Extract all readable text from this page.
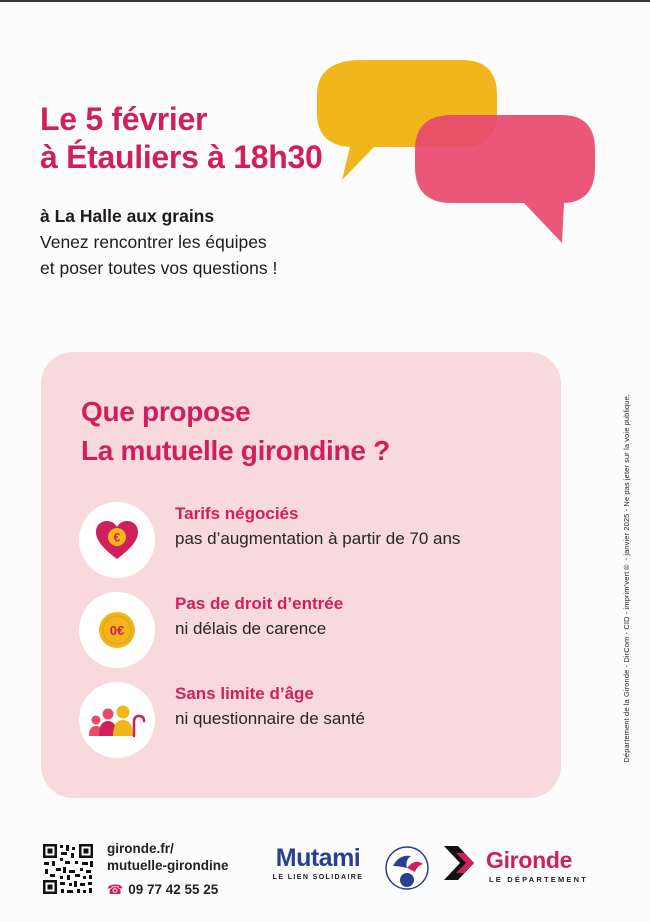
Le 5 février
à Étauliers à 18h30
à La Halle aux grains
Venez rencontrer les équipes
et poser toutes vos questions !
Que propose
La mutuelle girondine ?
€
Tarifs négociés
pas d’augmentation à partir de 70 ans
0€
Pas de droit d’entrée
ni délais de carence
Sans limite d’âge
ni questionnaire de santé	Département de la Gironde - DirCom - CID - imprim’vert® - janvier 2025 - Ne pas jeter sur la voie publique.
gironde.fr/
mutuelle-girondine
☎ 09 77 42 55 25
Mutami
LE LIEN SOLIDAIRE
Gironde
LE DÉPARTEMENT
